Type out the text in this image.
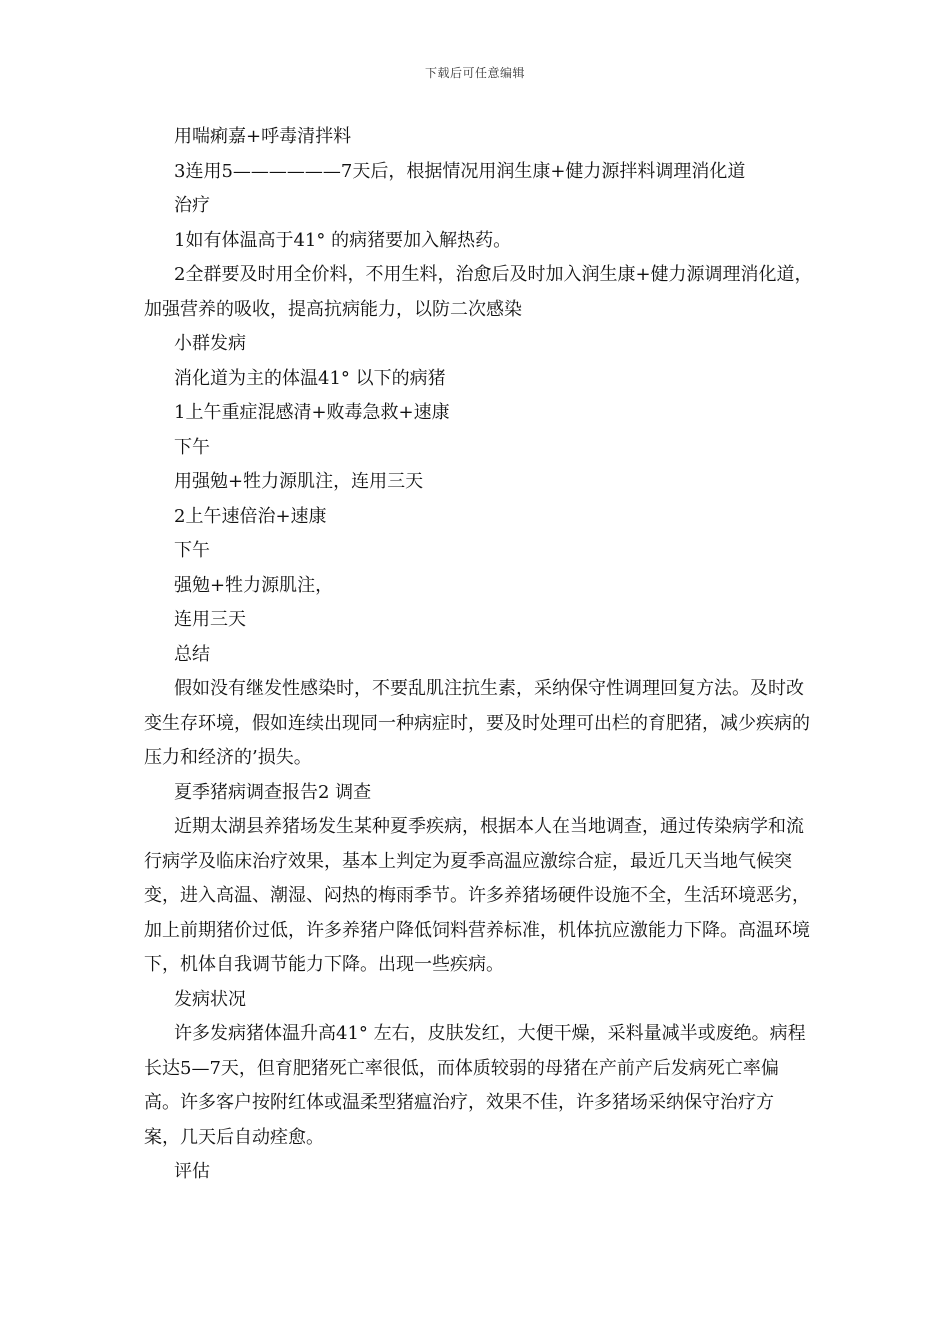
下载后可任意编辑
用喘痢嘉+呼毒清拌料
3连用5——————7天后，根据情况用润生康+健力源拌料调理消化道
治疗
1如有体温高于41° 的病猪要加入解热药。
2全群要及时用全价料，不用生料，治愈后及时加入润生康+健力源调理消化道，加强营养的吸收，提高抗病能力，以防二次感染
小群发病
消化道为主的体温41° 以下的病猪
1上午重症混感清+败毒急救+速康
下午
用强勉+牲力源肌注，连用三天
2上午速倍治+速康
下午
强勉+牲力源肌注，
连用三天
总结
假如没有继发性感染时，不要乱肌注抗生素，采纳保守性调理回复方法。及时改变生存环境，假如连续出现同一种病症时，要及时处理可出栏的育肥猪，减少疾病的压力和经济的’损失。
夏季猪病调查报告2 调查
近期太湖县养猪场发生某种夏季疾病，根据本人在当地调查，通过传染病学和流行病学及临床治疗效果，基本上判定为夏季高温应激综合症，最近几天当地气候突变，进入高温、潮湿、闷热的梅雨季节。许多养猪场硬件设施不全，生活环境恶劣，加上前期猪价过低，许多养猪户降低饲料营养标准，机体抗应激能力下降。高温环境下，机体自我调节能力下降。出现一些疾病。
发病状况
许多发病猪体温升高41° 左右，皮肤发红，大便干燥，采料量减半或废绝。病程长达5—7天，但育肥猪死亡率很低，而体质较弱的母猪在产前产后发病死亡率偏高。许多客户按附红体或温柔型猪瘟治疗，效果不佳，许多猪场采纳保守治疗方案，几天后自动痊愈。
评估
